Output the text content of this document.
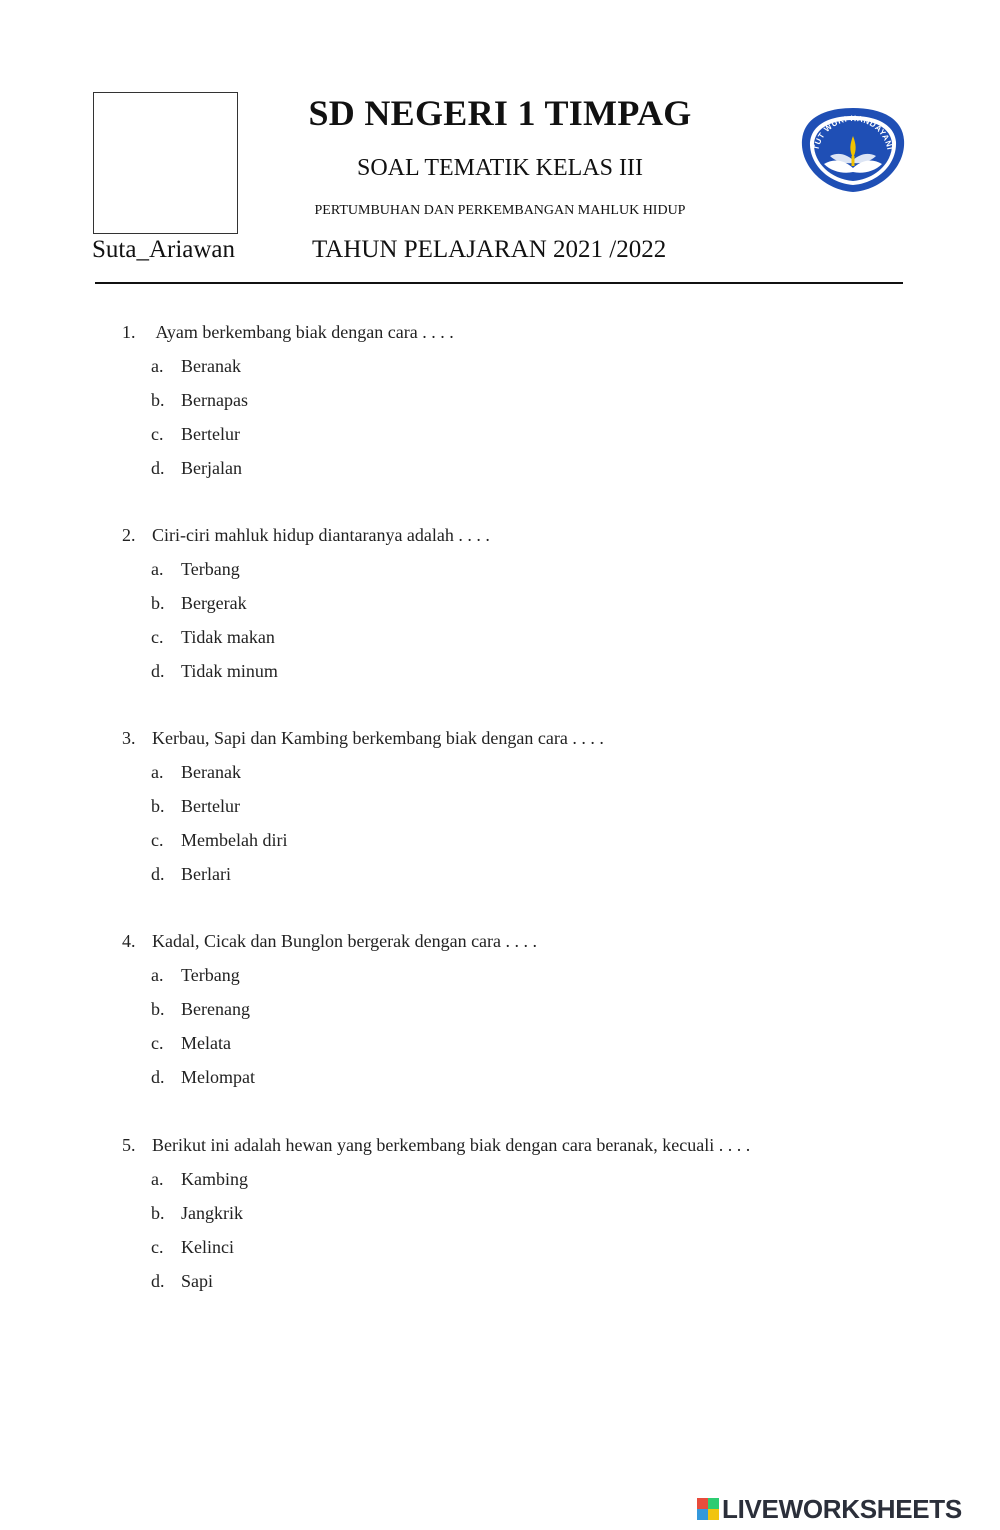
Suta_Ariawan
SD NEGERI 1 TIMPAG
SOAL TEMATIK KELAS III
PERTUMBUHAN DAN PERKEMBANGAN MAHLUK HIDUP
TAHUN PELAJARAN 2021 /2022
TUT WURI HANDAYANI
1. Ayam berkembang biak dengan cara . . . .
a. Beranak
b. Bernapas
c. Bertelur
d. Berjalan
2. Ciri-ciri mahluk hidup diantaranya adalah . . . .
a. Terbang
b. Bergerak
c. Tidak makan
d. Tidak minum
3. Kerbau, Sapi dan Kambing berkembang biak dengan cara . . . .
a. Beranak
b. Bertelur
c. Membelah diri
d. Berlari
4. Kadal, Cicak dan Bunglon bergerak dengan cara . . . .
a. Terbang
b. Berenang
c. Melata
d. Melompat
5. Berikut ini adalah hewan yang berkembang biak dengan cara beranak, kecuali . . . .
a. Kambing
b. Jangkrik
c. Kelinci
d. Sapi
LIVEWORKSHEETS
